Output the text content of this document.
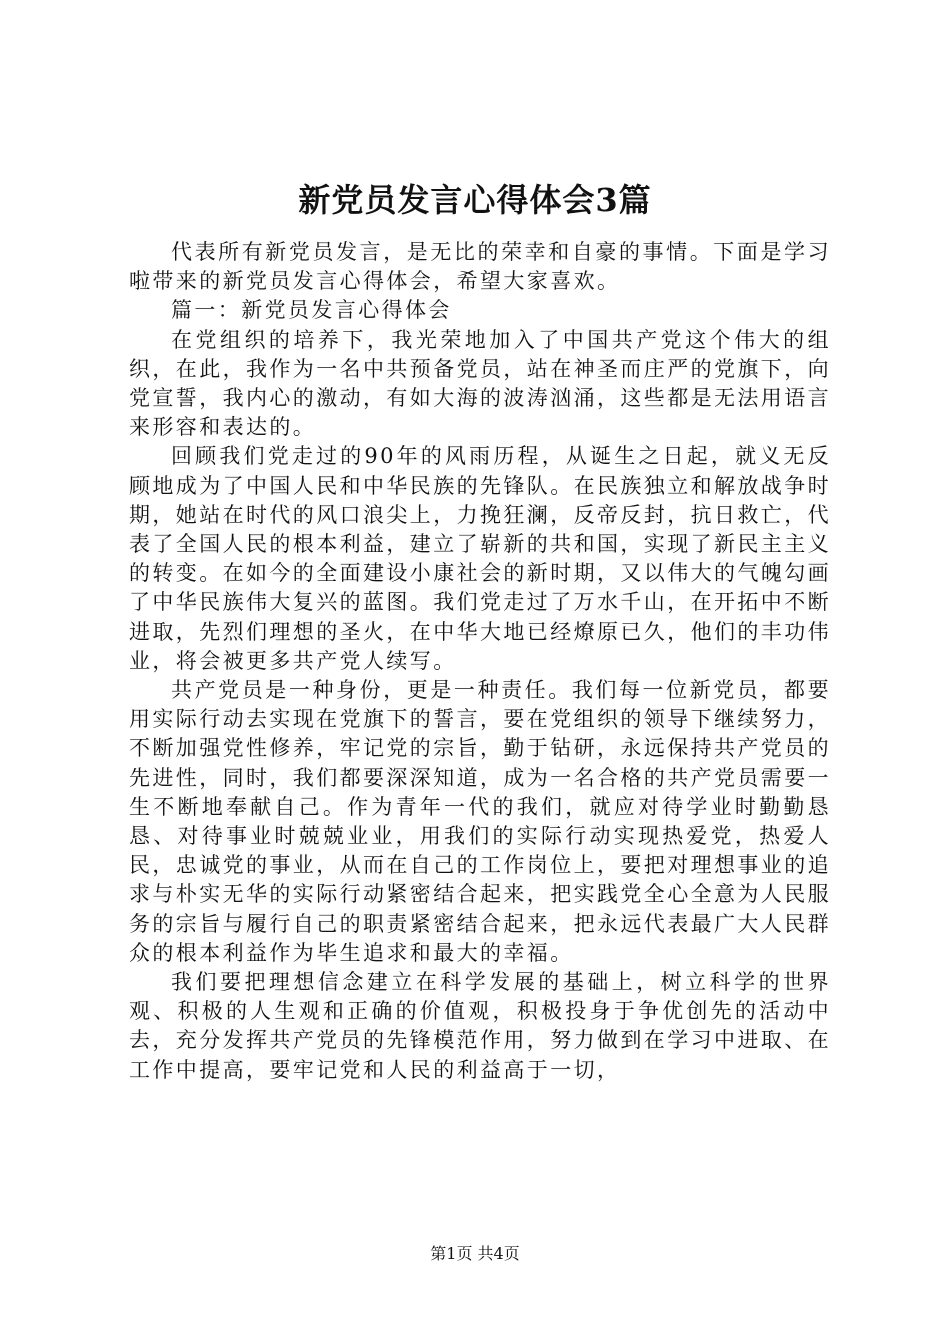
新党员发言心得体会3篇

代表所有新党员发言，是无比的荣幸和自豪的事情。下面是学习啦带来的新党员发言心得体会，希望大家喜欢。

篇一：新党员发言心得体会

在党组织的培养下，我光荣地加入了中国共产党这个伟大的组织，在此，我作为一名中共预备党员，站在神圣而庄严的党旗下，向党宣誓，我内心的激动，有如大海的波涛汹涌，这些都是无法用语言来形容和表达的。

回顾我们党走过的90年的风雨历程，从诞生之日起，就义无反顾地成为了中国人民和中华民族的先锋队。在民族独立和解放战争时期，她站在时代的风口浪尖上，力挽狂澜，反帝反封，抗日救亡，代表了全国人民的根本利益，建立了崭新的共和国，实现了新民主主义的转变。在如今的全面建设小康社会的新时期，又以伟大的气魄勾画了中华民族伟大复兴的蓝图。我们党走过了万水千山，在开拓中不断进取，先烈们理想的圣火，在中华大地已经燎原已久，他们的丰功伟业，将会被更多共产党人续写。

共产党员是一种身份，更是一种责任。我们每一位新党员，都要用实际行动去实现在党旗下的誓言，要在党组织的领导下继续努力，不断加强党性修养，牢记党的宗旨，勤于钻研，永远保持共产党员的先进性，同时，我们都要深深知道，成为一名合格的共产党员需要一生不断地奉献自己。作为青年一代的我们，就应对待学业时勤勤恳恳、对待事业时兢兢业业，用我们的实际行动实现热爱党，热爱人民，忠诚党的事业，从而在自己的工作岗位上，要把对理想事业的追求与朴实无华的实际行动紧密结合起来，把实践党全心全意为人民服务的宗旨与履行自己的职责紧密结合起来，把永远代表最广大人民群众的根本利益作为毕生追求和最大的幸福。

我们要把理想信念建立在科学发展的基础上，树立科学的世界观、积极的人生观和正确的价值观，积极投身于争优创先的活动中去，充分发挥共产党员的先锋模范作用，努力做到在学习中进取、在工作中提高，要牢记党和人民的利益高于一切，

第1页 共4页
